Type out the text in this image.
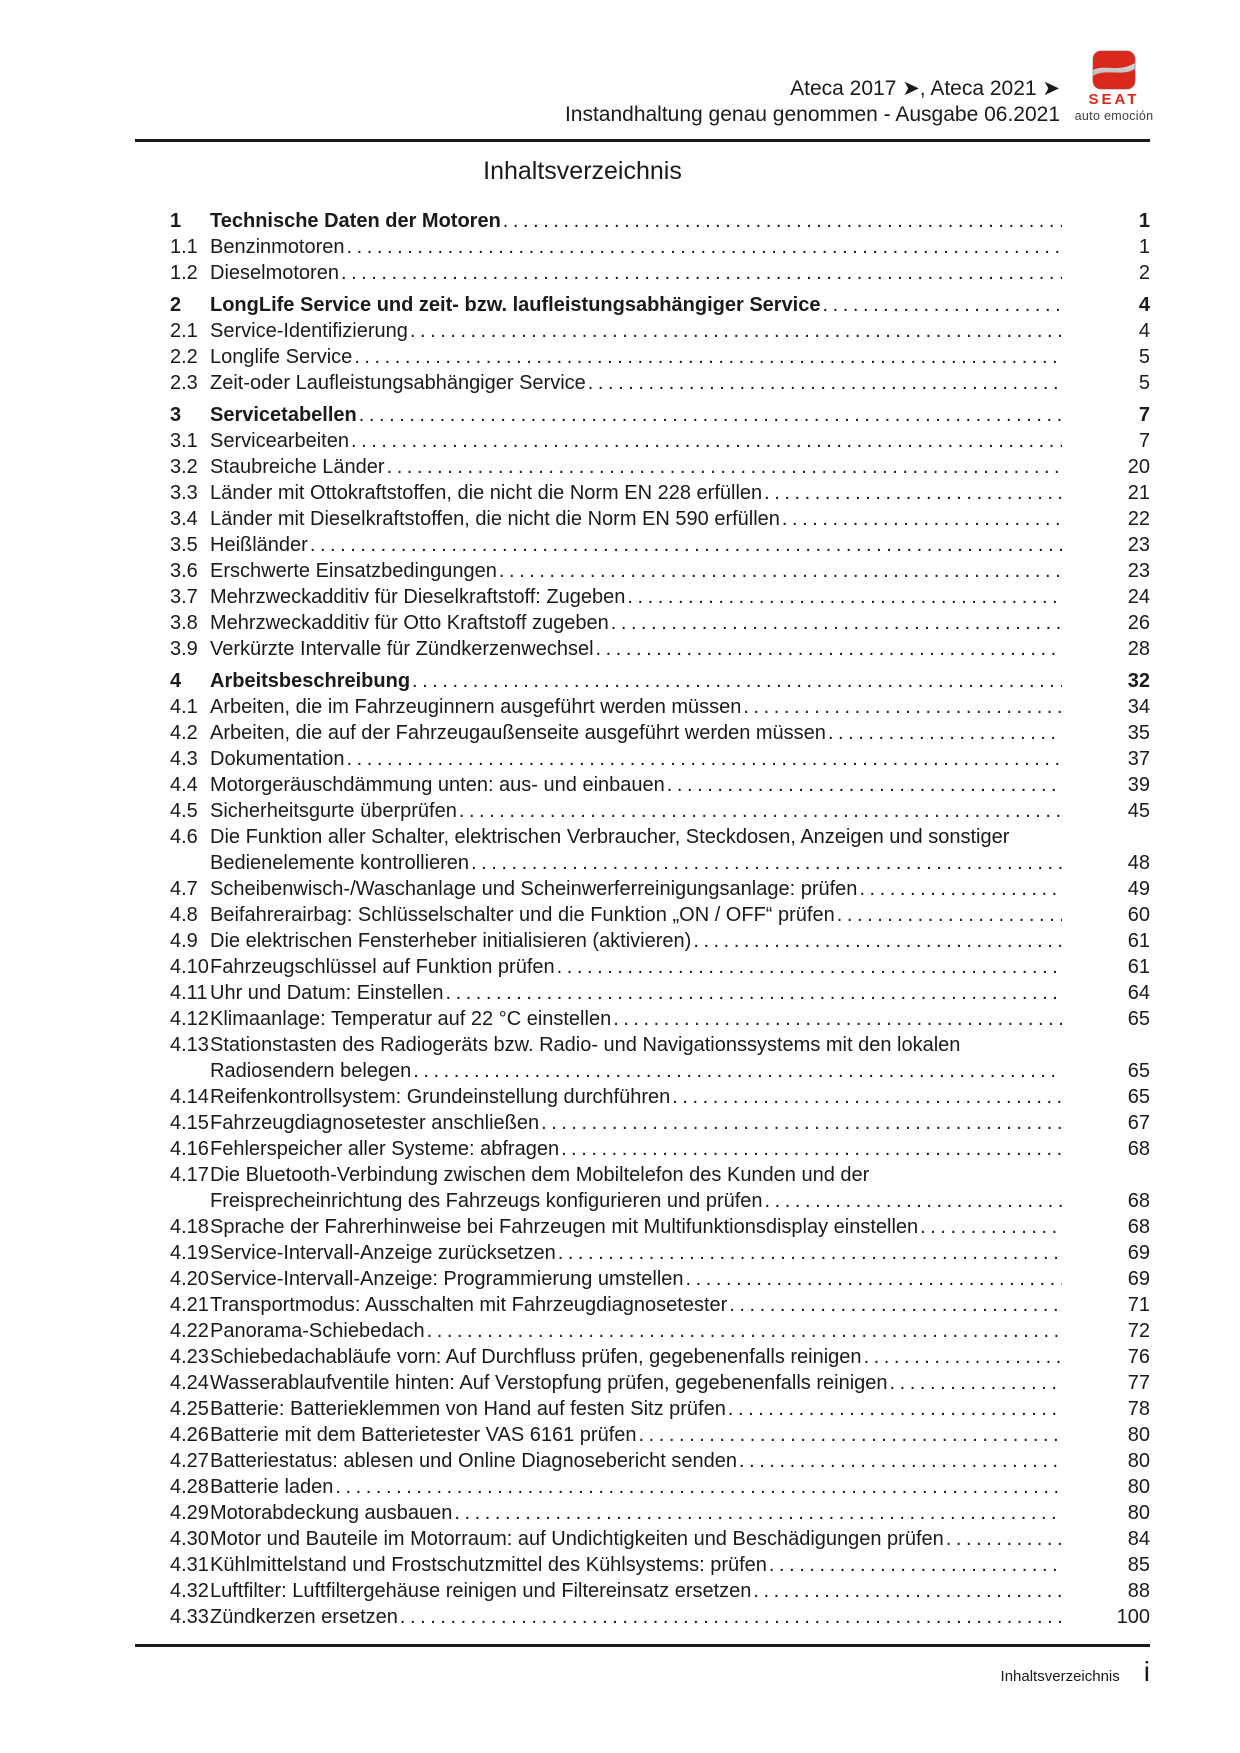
Ateca 2017 ➤, Ateca 2021 ➤
Instandhaltung genau genommen - Ausgabe 06.2021
SEAT
auto emoción
Inhaltsverzeichnis
1	Technische Daten der Motoren . . .	1
1.1 Benzinmotoren . . .	1
1.2 Dieselmotoren . . .	2
2	LongLife Service und zeit- bzw. laufleistungsabhängiger Service . . .	4
2.1 Service-Identifizierung . . .	4
2.2 Longlife Service . . .	5
2.3 Zeit-oder Laufleistungsabhängiger Service . . .	5
3	Servicetabellen . . .	7
3.1 Servicearbeiten . . .	7
3.2 Staubreiche Länder . . .	20
3.3 Länder mit Ottokraftstoffen, die nicht die Norm EN 228 erfüllen . . .	21
3.4 Länder mit Dieselkraftstoffen, die nicht die Norm EN 590 erfüllen . . .	22
3.5 Heißländer . . .	23
3.6 Erschwerte Einsatzbedingungen . . .	23
3.7 Mehrzweckadditiv für Dieselkraftstoff: Zugeben . . .	24
3.8 Mehrzweckadditiv für Otto Kraftstoff zugeben . . .	26
3.9 Verkürzte Intervalle für Zündkerzenwechsel . . .	28
4	Arbeitsbeschreibung . . .	32
4.1 Arbeiten, die im Fahrzeuginnern ausgeführt werden müssen . . .	34
4.2 Arbeiten, die auf der Fahrzeugaußenseite ausgeführt werden müssen . . .	35
4.3 Dokumentation . . .	37
4.4 Motorgeräuschdämmung unten: aus- und einbauen . . .	39
4.5 Sicherheitsgurte überprüfen . . .	45
4.6 Die Funktion aller Schalter, elektrischen Verbraucher, Steckdosen, Anzeigen und sonstiger
Bedienelemente kontrollieren . . .	48
4.7 Scheibenwisch-/Waschanlage und Scheinwerferreinigungsanlage: prüfen . . .	49
4.8 Beifahrerairbag: Schlüsselschalter und die Funktion „ON / OFF“ prüfen . . .	60
4.9 Die elektrischen Fensterheber initialisieren (aktivieren) . . .	61
4.10 Fahrzeugschlüssel auf Funktion prüfen . . .	61
4.11 Uhr und Datum: Einstellen . . .	64
4.12 Klimaanlage: Temperatur auf 22 °C einstellen . . .	65
4.13 Stationstasten des Radiogeräts bzw. Radio- und Navigationssystems mit den lokalen
Radiosendern belegen . . .	65
4.14 Reifenkontrollsystem: Grundeinstellung durchführen . . .	65
4.15 Fahrzeugdiagnosetester anschließen . . .	67
4.16 Fehlerspeicher aller Systeme: abfragen . . .	68
4.17 Die Bluetooth-Verbindung zwischen dem Mobiltelefon des Kunden und der
Freisprecheinrichtung des Fahrzeugs konfigurieren und prüfen . . .	68
4.18 Sprache der Fahrerhinweise bei Fahrzeugen mit Multifunktionsdisplay einstellen . . .	68
4.19 Service-Intervall-Anzeige zurücksetzen . . .	69
4.20 Service-Intervall-Anzeige: Programmierung umstellen . . .	69
4.21 Transportmodus: Ausschalten mit Fahrzeugdiagnosetester . . .	71
4.22 Panorama-Schiebedach . . .	72
4.23 Schiebedachabläufe vorn: Auf Durchfluss prüfen, gegebenenfalls reinigen . . .	76
4.24 Wasserablaufventile hinten: Auf Verstopfung prüfen, gegebenenfalls reinigen . . .	77
4.25 Batterie: Batterieklemmen von Hand auf festen Sitz prüfen . . .	78
4.26 Batterie mit dem Batterietester VAS 6161 prüfen . . .	80
4.27 Batteriestatus: ablesen und Online Diagnosebericht senden . . .	80
4.28 Batterie laden . . .	80
4.29 Motorabdeckung ausbauen . . .	80
4.30 Motor und Bauteile im Motorraum: auf Undichtigkeiten und Beschädigungen prüfen . . .	84
4.31 Kühlmittelstand und Frostschutzmittel des Kühlsystems: prüfen . . .	85
4.32 Luftfilter: Luftfiltergehäuse reinigen und Filtereinsatz ersetzen . . .	88
4.33 Zündkerzen ersetzen . . .	100
Inhaltsverzeichnis i
